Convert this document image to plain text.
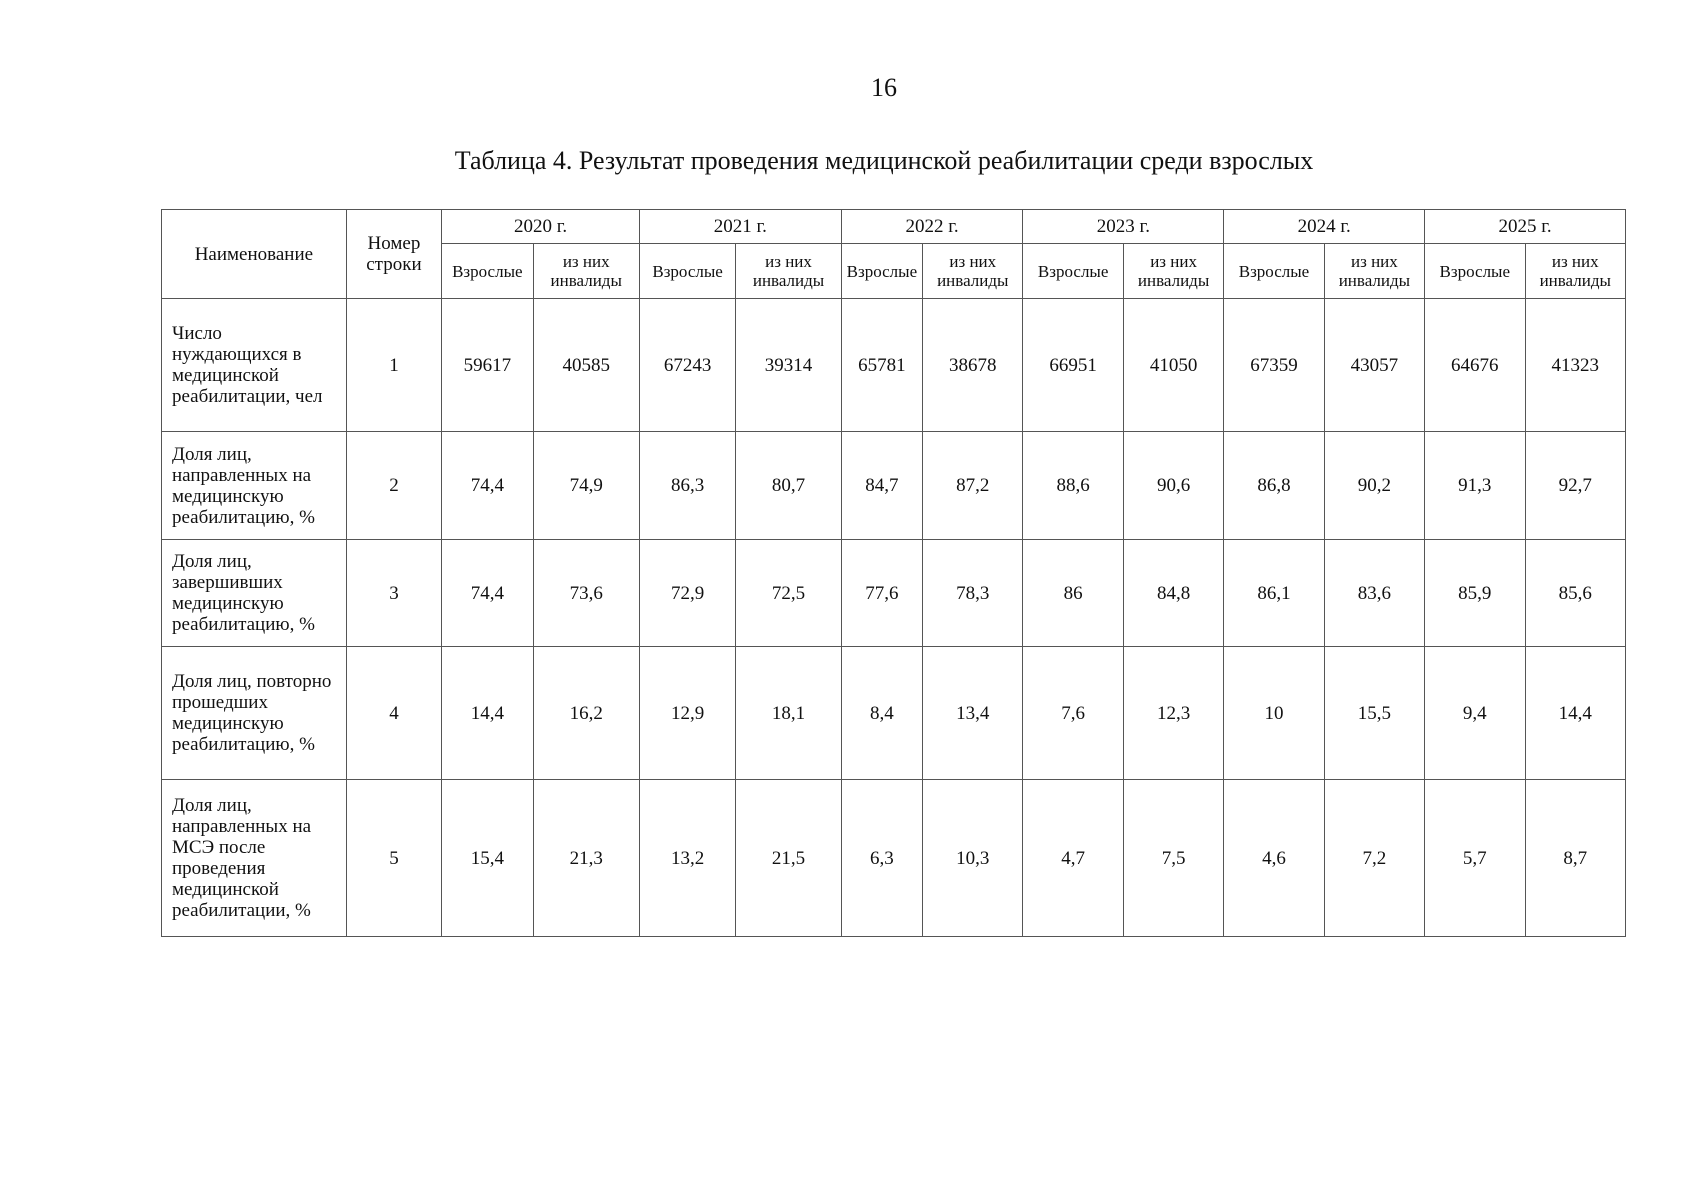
16
Таблица 4. Результат проведения медицинской реабилитации среди взрослых
Наименование	Номер строки	2020 г.		2021 г.		2022 г.		2023 г.		2024 г.		2025 г.	
		Взрослые	из них инвалиды	Взрослые	из них инвалиды	Взрослые	из них инвалиды	Взрослые	из них инвалиды	Взрослые	из них инвалиды	Взрослые	из них инвалиды
Число нуждающихся в медицинской реабилитации, чел	1	59617	40585	67243	39314	65781	38678	66951	41050	67359	43057	64676	41323
Доля лиц, направленных на медицинскую реабилитацию, %	2	74,4	74,9	86,3	80,7	84,7	87,2	88,6	90,6	86,8	90,2	91,3	92,7
Доля лиц, завершивших медицинскую реабилитацию, %	3	74,4	73,6	72,9	72,5	77,6	78,3	86	84,8	86,1	83,6	85,9	85,6
Доля лиц, повторно прошедших медицинскую реабилитацию, %	4	14,4	16,2	12,9	18,1	8,4	13,4	7,6	12,3	10	15,5	9,4	14,4
Доля лиц, направленных на МСЭ после проведения медицинской реабилитации, %	5	15,4	21,3	13,2	21,5	6,3	10,3	4,7	7,5	4,6	7,2	5,7	8,7
